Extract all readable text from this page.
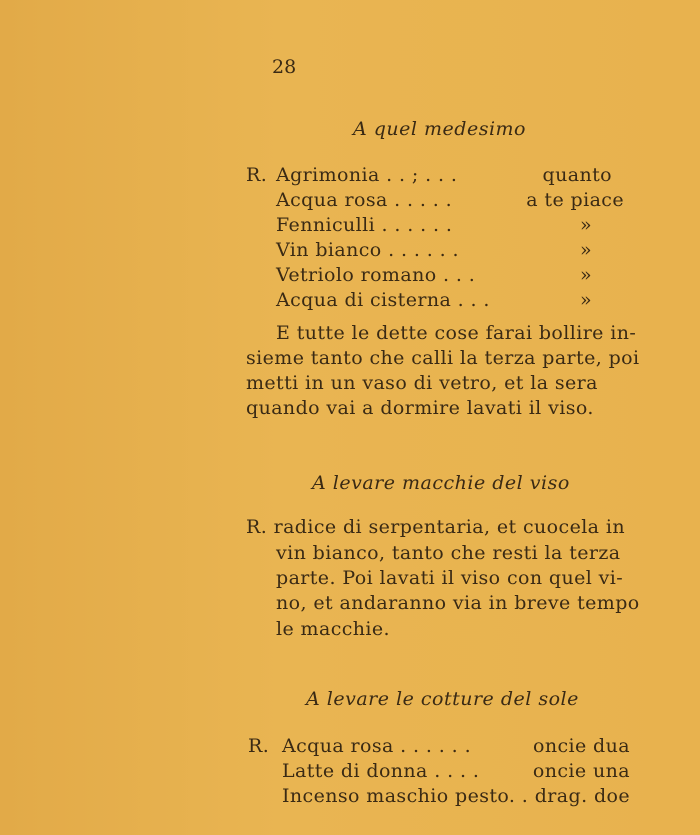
28
A quel medesimo
R. Agrimonia . . ; . . .	quanto
Acqua rosa . . . . .	a te piace
Fenniculli . . . . . .	»
Vin bianco . . . . . .	»
Vetriolo romano . . .	»
Acqua di cisterna . . .	»
E tutte le dette cose farai bollire in-
sieme tanto che calli la terza parte, poi
metti in un vaso di vetro, et la sera
quando vai a dormire lavati il viso.
A levare macchie del viso
R. radice di serpentaria, et cuocela in
vin bianco, tanto che resti la terza
parte. Poi lavati il viso con quel vi-
no, et andaranno via in breve tempo
le macchie.
A levare le cotture del sole
R. Acqua rosa . . . . . .	oncie dua
Latte di donna . . . .	oncie una
Incenso maschio pesto. . drag. doe
